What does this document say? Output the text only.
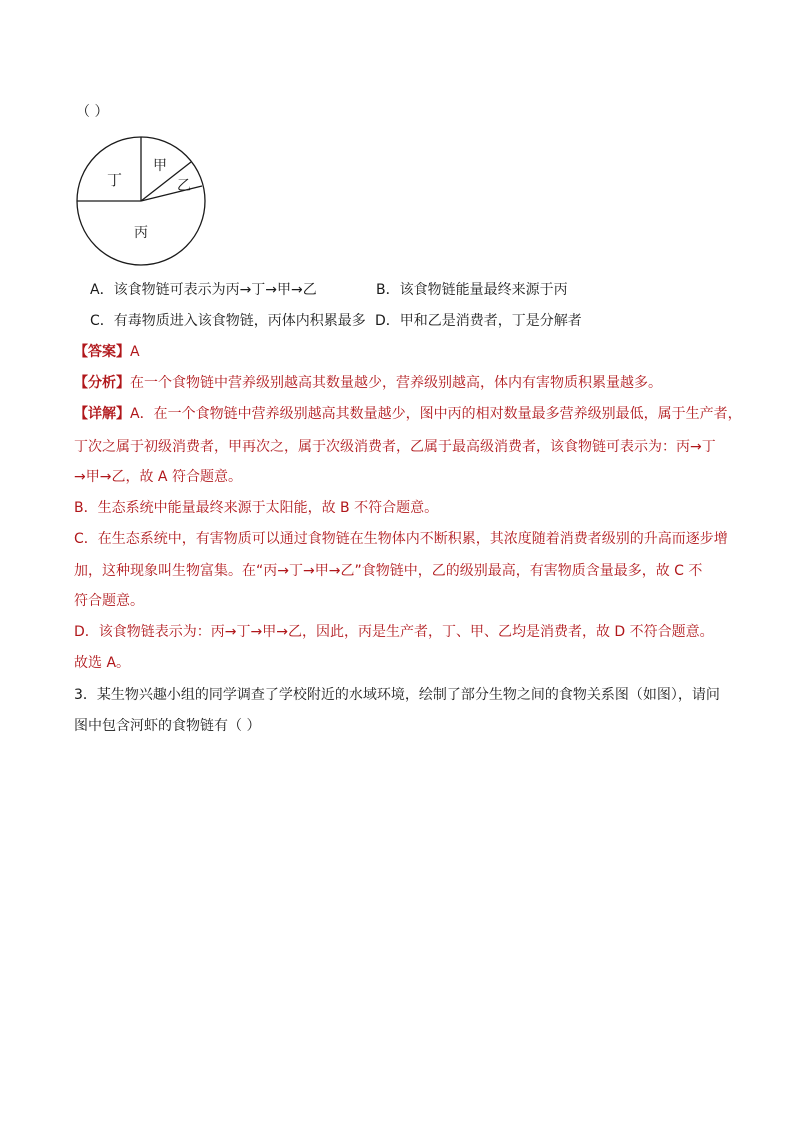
（ ）
丁
甲
乙
丙
A．该食物链可表示为丙→丁→甲→乙	B．该食物链能量最终来源于丙
C．有毒物质进入该食物链，丙体内积累最多 D．甲和乙是消费者，丁是分解者
【答案】A
【分析】在一个食物链中营养级别越高其数量越少，营养级别越高，体内有害物质积累量越多。
【详解】A．在一个食物链中营养级别越高其数量越少，图中丙的相对数量最多营养级别最低，属于生产者，
丁次之属于初级消费者，甲再次之，属于次级消费者，乙属于最高级消费者，该食物链可表示为：丙→丁
→甲→乙，故 A 符合题意。
B．生态系统中能量最终来源于太阳能，故 B 不符合题意。
C．在生态系统中，有害物质可以通过食物链在生物体内不断积累，其浓度随着消费者级别的升高而逐步增
加，这种现象叫生物富集。在“丙→丁→甲→乙”食物链中，乙的级别最高，有害物质含量最多，故 C 不
符合题意。
D．该食物链表示为：丙→丁→甲→乙，因此，丙是生产者，丁、甲、乙均是消费者，故 D 不符合题意。
故选 A。
3．某生物兴趣小组的同学调查了学校附近的水域环境，绘制了部分生物之间的食物关系图（如图），请问
图中包含河虾的食物链有（ ）
